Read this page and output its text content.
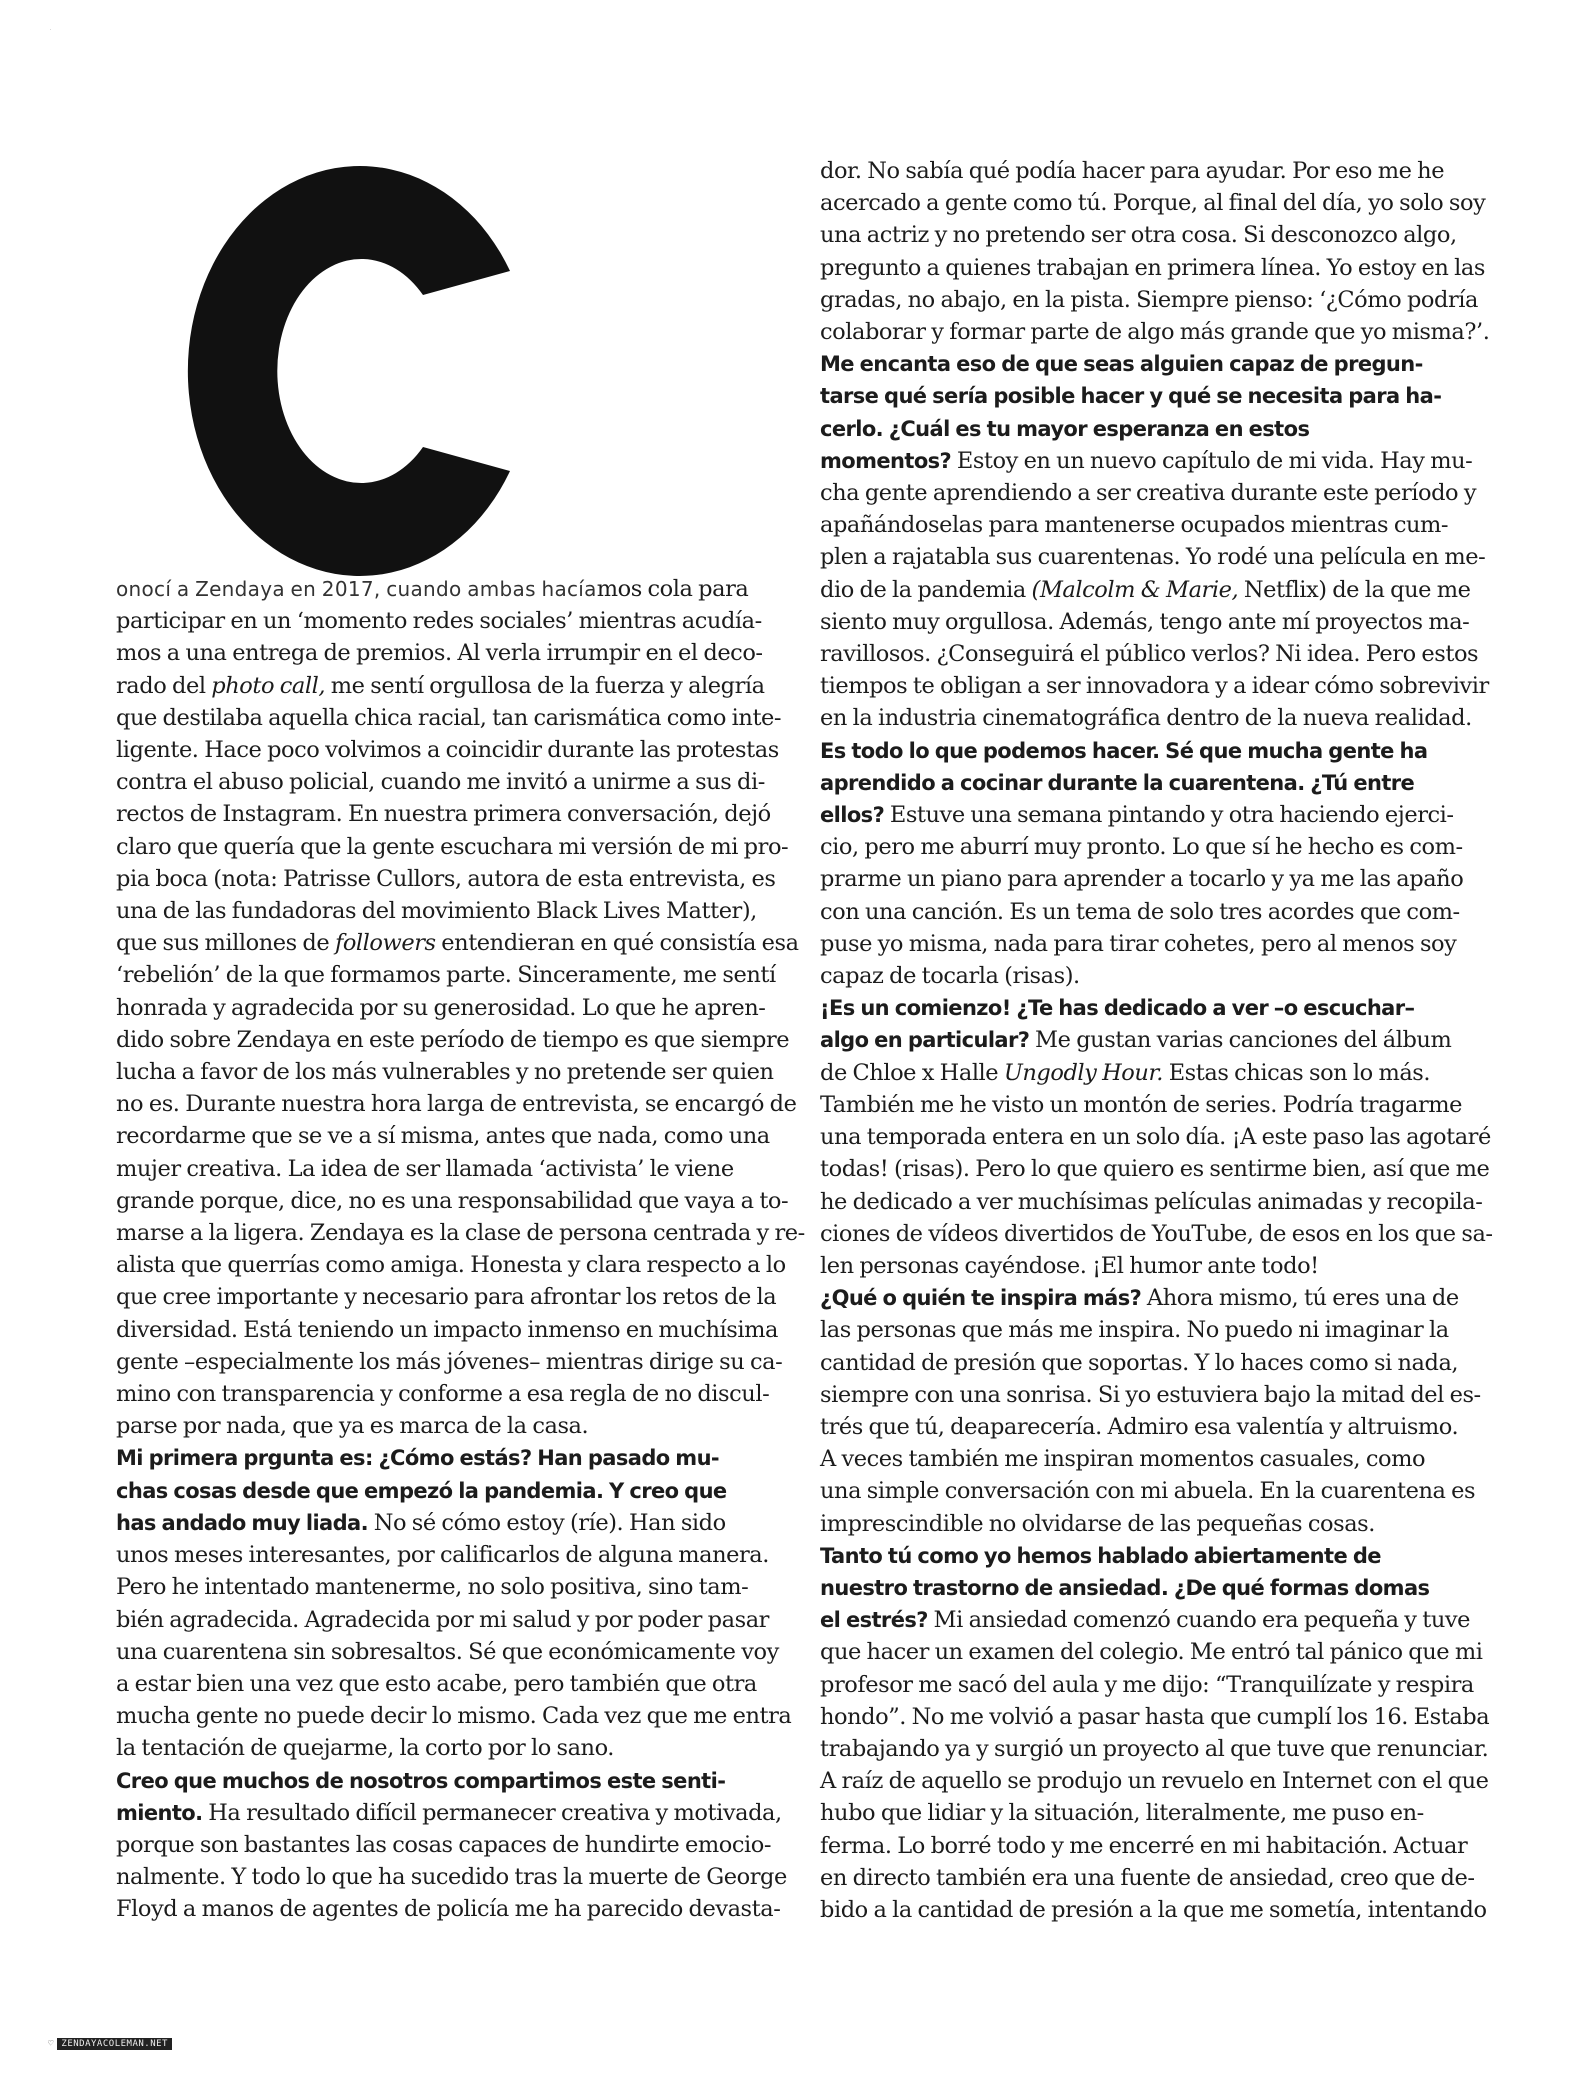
C
onocí a Zendaya en 2017, cuando ambas hacíamos cola para
participar en un ‘momento redes sociales’ mientras acudía-
mos a una entrega de premios. Al verla irrumpir en el deco-
rado del photo call, me sentí orgullosa de la fuerza y alegría
que destilaba aquella chica racial, tan carismática como inte-
ligente. Hace poco volvimos a coincidir durante las protestas
contra el abuso policial, cuando me invitó a unirme a sus di-
rectos de Instagram. En nuestra primera conversación, dejó
claro que quería que la gente escuchara mi versión de mi pro-
pia boca (nota: Patrisse Cullors, autora de esta entrevista, es
una de las fundadoras del movimiento Black Lives Matter),
que sus millones de followers entendieran en qué consistía esa
‘rebelión’ de la que formamos parte. Sinceramente, me sentí
honrada y agradecida por su generosidad. Lo que he apren-
dido sobre Zendaya en este período de tiempo es que siempre
lucha a favor de los más vulnerables y no pretende ser quien
no es. Durante nuestra hora larga de entrevista, se encargó de
recordarme que se ve a sí misma, antes que nada, como una
mujer creativa. La idea de ser llamada ‘activista’ le viene
grande porque, dice, no es una responsabilidad que vaya a to-
marse a la ligera. Zendaya es la clase de persona centrada y re-
alista que querrías como amiga. Honesta y clara respecto a lo
que cree importante y necesario para afrontar los retos de la
diversidad. Está teniendo un impacto inmenso en muchísima
gente –especialmente los más jóvenes– mientras dirige su ca-
mino con transparencia y conforme a esa regla de no discul-
parse por nada, que ya es marca de la casa.
Mi primera prgunta es: ¿Cómo estás? Han pasado mu-
chas cosas desde que empezó la pandemia. Y creo que
has andado muy liada. No sé cómo estoy (ríe). Han sido
unos meses interesantes, por calificarlos de alguna manera.
Pero he intentado mantenerme, no solo positiva, sino tam-
bién agradecida. Agradecida por mi salud y por poder pasar
una cuarentena sin sobresaltos. Sé que económicamente voy
a estar bien una vez que esto acabe, pero también que otra
mucha gente no puede decir lo mismo. Cada vez que me entra
la tentación de quejarme, la corto por lo sano.
Creo que muchos de nosotros compartimos este senti-
miento. Ha resultado difícil permanecer creativa y motivada,
porque son bastantes las cosas capaces de hundirte emocio-
nalmente. Y todo lo que ha sucedido tras la muerte de George
Floyd a manos de agentes de policía me ha parecido devasta-
dor. No sabía qué podía hacer para ayudar. Por eso me he
acercado a gente como tú. Porque, al final del día, yo solo soy
una actriz y no pretendo ser otra cosa. Si desconozco algo,
pregunto a quienes trabajan en primera línea. Yo estoy en las
gradas, no abajo, en la pista. Siempre pienso: ‘¿Cómo podría
colaborar y formar parte de algo más grande que yo misma?’.
Me encanta eso de que seas alguien capaz de pregun-
tarse qué sería posible hacer y qué se necesita para ha-
cerlo. ¿Cuál es tu mayor esperanza en estos
momentos? Estoy en un nuevo capítulo de mi vida. Hay mu-
cha gente aprendiendo a ser creativa durante este período y
apañándoselas para mantenerse ocupados mientras cum-
plen a rajatabla sus cuarentenas. Yo rodé una película en me-
dio de la pandemia (Malcolm & Marie, Netflix) de la que me
siento muy orgullosa. Además, tengo ante mí proyectos ma-
ravillosos. ¿Conseguirá el público verlos? Ni idea. Pero estos
tiempos te obligan a ser innovadora y a idear cómo sobrevivir
en la industria cinematográfica dentro de la nueva realidad.
Es todo lo que podemos hacer. Sé que mucha gente ha
aprendido a cocinar durante la cuarentena. ¿Tú entre
ellos? Estuve una semana pintando y otra haciendo ejerci-
cio, pero me aburrí muy pronto. Lo que sí he hecho es com-
prarme un piano para aprender a tocarlo y ya me las apaño
con una canción. Es un tema de solo tres acordes que com-
puse yo misma, nada para tirar cohetes, pero al menos soy
capaz de tocarla (risas).
¡Es un comienzo! ¿Te has dedicado a ver –o escuchar–
algo en particular? Me gustan varias canciones del álbum
de Chloe x Halle Ungodly Hour. Estas chicas son lo más.
También me he visto un montón de series. Podría tragarme
una temporada entera en un solo día. ¡A este paso las agotaré
todas! (risas). Pero lo que quiero es sentirme bien, así que me
he dedicado a ver muchísimas películas animadas y recopila-
ciones de vídeos divertidos de YouTube, de esos en los que sa-
len personas cayéndose. ¡El humor ante todo!
¿Qué o quién te inspira más? Ahora mismo, tú eres una de
las personas que más me inspira. No puedo ni imaginar la
cantidad de presión que soportas. Y lo haces como si nada,
siempre con una sonrisa. Si yo estuviera bajo la mitad del es-
trés que tú, deaparecería. Admiro esa valentía y altruismo.
A veces también me inspiran momentos casuales, como
una simple conversación con mi abuela. En la cuarentena es
imprescindible no olvidarse de las pequeñas cosas.
Tanto tú como yo hemos hablado abiertamente de
nuestro trastorno de ansiedad. ¿De qué formas domas
el estrés? Mi ansiedad comenzó cuando era pequeña y tuve
que hacer un examen del colegio. Me entró tal pánico que mi
profesor me sacó del aula y me dijo: “Tranquilízate y respira
hondo”. No me volvió a pasar hasta que cumplí los 16. Estaba
trabajando ya y surgió un proyecto al que tuve que renunciar.
A raíz de aquello se produjo un revuelo en Internet con el que
hubo que lidiar y la situación, literalmente, me puso en-
ferma. Lo borré todo y me encerré en mi habitación. Actuar
en directo también era una fuente de ansiedad, creo que de-
bido a la cantidad de presión a la que me sometía, intentando
♡ ZENDAYACOLEMAN.NET
